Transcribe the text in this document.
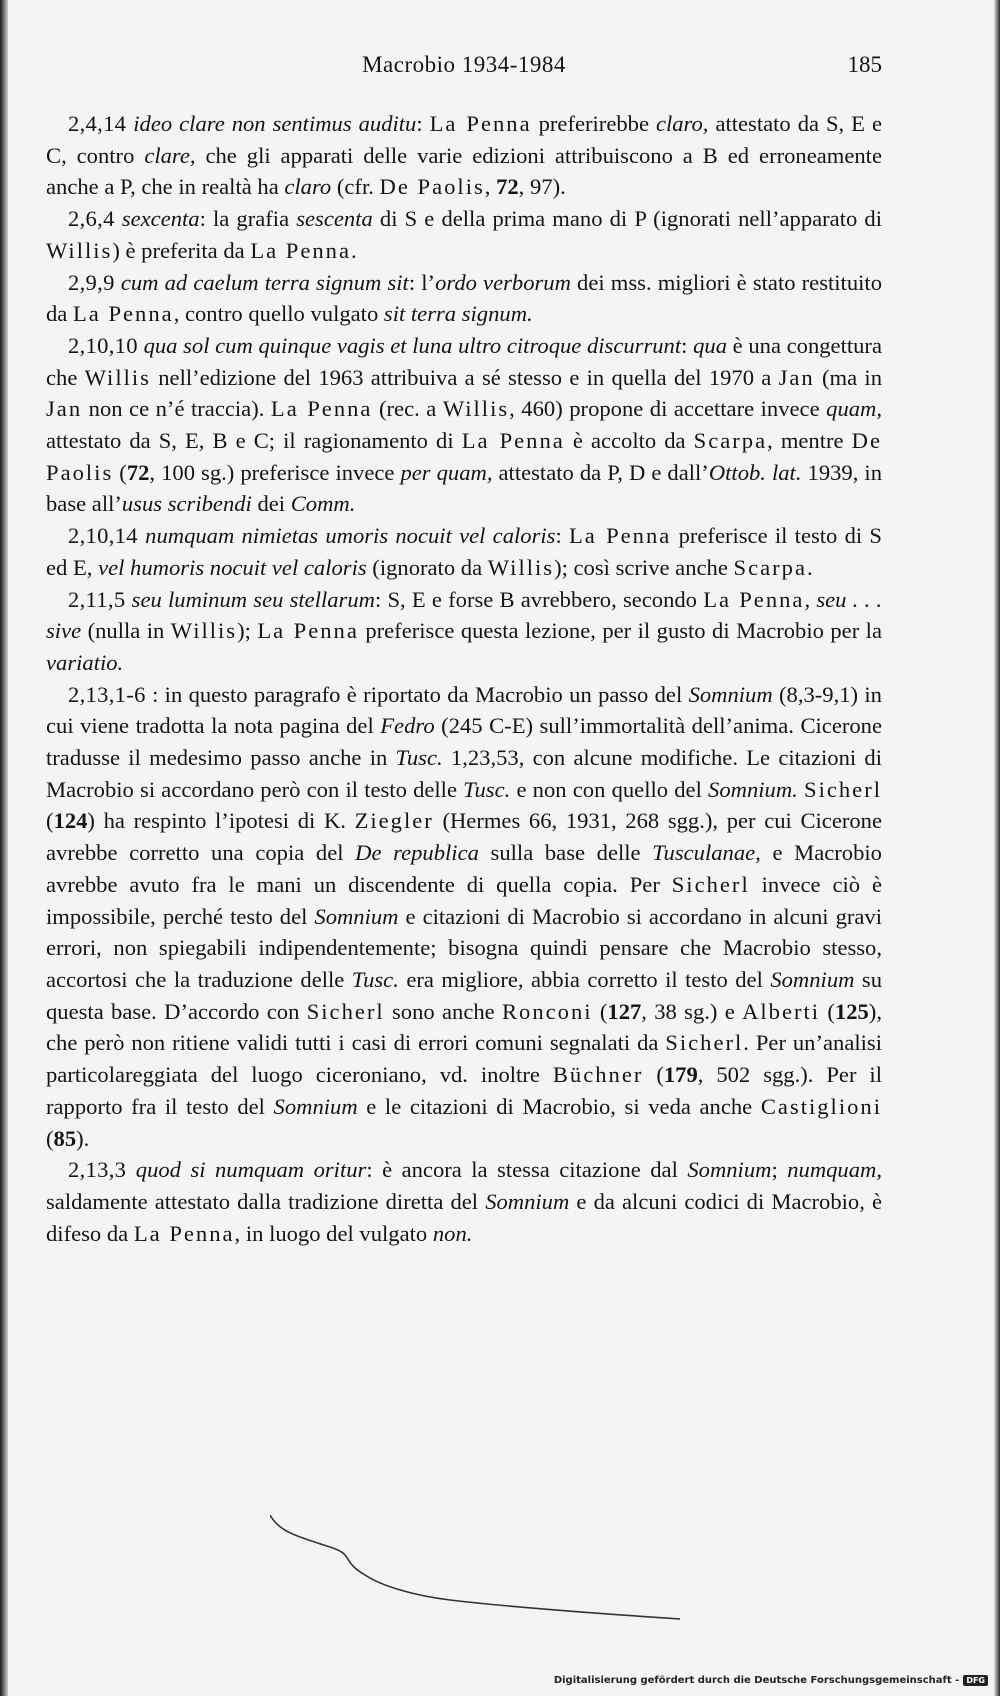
Macrobio 1934-1984	185

2,4,14 ideo clare non sentimus auditu: La Penna preferirebbe claro, attestato da S, E e C, contro clare, che gli apparati delle varie edizioni attribuiscono a B ed erroneamente anche a P, che in realtà ha claro (cfr. De Paolis, 72, 97).

2,6,4 sexcenta: la grafia sescenta di S e della prima mano di P (ignorati nell’apparato di Willis) è preferita da La Penna.

2,9,9 cum ad caelum terra signum sit: l’ordo verborum dei mss. migliori è stato restituito da La Penna, contro quello vulgato sit terra signum.

2,10,10 qua sol cum quinque vagis et luna ultro citroque discurrunt: qua è una congettura che Willis nell’edizione del 1963 attribuiva a sé stesso e in quella del 1970 a Jan (ma in Jan non ce n’é traccia). La Penna (rec. a Willis, 460) propone di accettare invece quam, attestato da S, E, B e C; il ragionamento di La Penna è accolto da Scarpa, mentre De Paolis (72, 100 sg.) preferisce invece per quam, attestato da P, D e dall’Ottob. lat. 1939, in base all’usus scribendi dei Comm.

2,10,14 numquam nimietas umoris nocuit vel caloris: La Penna preferisce il testo di S ed E, vel humoris nocuit vel caloris (ignorato da Willis); così scrive anche Scarpa.

2,11,5 seu luminum seu stellarum: S, E e forse B avrebbero, secondo La Penna, seu . . . sive (nulla in Willis); La Penna preferisce questa lezione, per il gusto di Macrobio per la variatio.

2,13,1-6 : in questo paragrafo è riportato da Macrobio un passo del Somnium (8,3-9,1) in cui viene tradotta la nota pagina del Fedro (245 C-E) sull’immortalità dell’anima. Cicerone tradusse il medesimo passo anche in Tusc. 1,23,53, con alcune modifiche. Le citazioni di Macrobio si accordano però con il testo delle Tusc. e non con quello del Somnium. Sicherl (124) ha respinto l’ipotesi di K. Ziegler (Hermes 66, 1931, 268 sgg.), per cui Cicerone avrebbe corretto una copia del De republica sulla base delle Tusculanae, e Macrobio avrebbe avuto fra le mani un discendente di quella copia. Per Sicherl invece ciò è impossibile, perché testo del Somnium e citazioni di Macrobio si accordano in alcuni gravi errori, non spiegabili indipendentemente; bisogna quindi pensare che Macrobio stesso, accortosi che la traduzione delle Tusc. era migliore, abbia corretto il testo del Somnium su questa base. D’accordo con Sicherl sono anche Ronconi (127, 38 sg.) e Alberti (125), che però non ritiene validi tutti i casi di errori comuni segnalati da Sicherl. Per un’analisi particolareggiata del luogo ciceroniano, vd. inoltre Büchner (179, 502 sgg.). Per il rapporto fra il testo del Somnium e le citazioni di Macrobio, si veda anche Castiglioni (85).

2,13,3 quod si numquam oritur: è ancora la stessa citazione dal Somnium; numquam, saldamente attestato dalla tradizione diretta del Somnium e da alcuni codici di Macrobio, è difeso da La Penna, in luogo del vulgato non.

Digitalisierung gefördert durch die Deutsche Forschungsgemeinschaft - DFG
